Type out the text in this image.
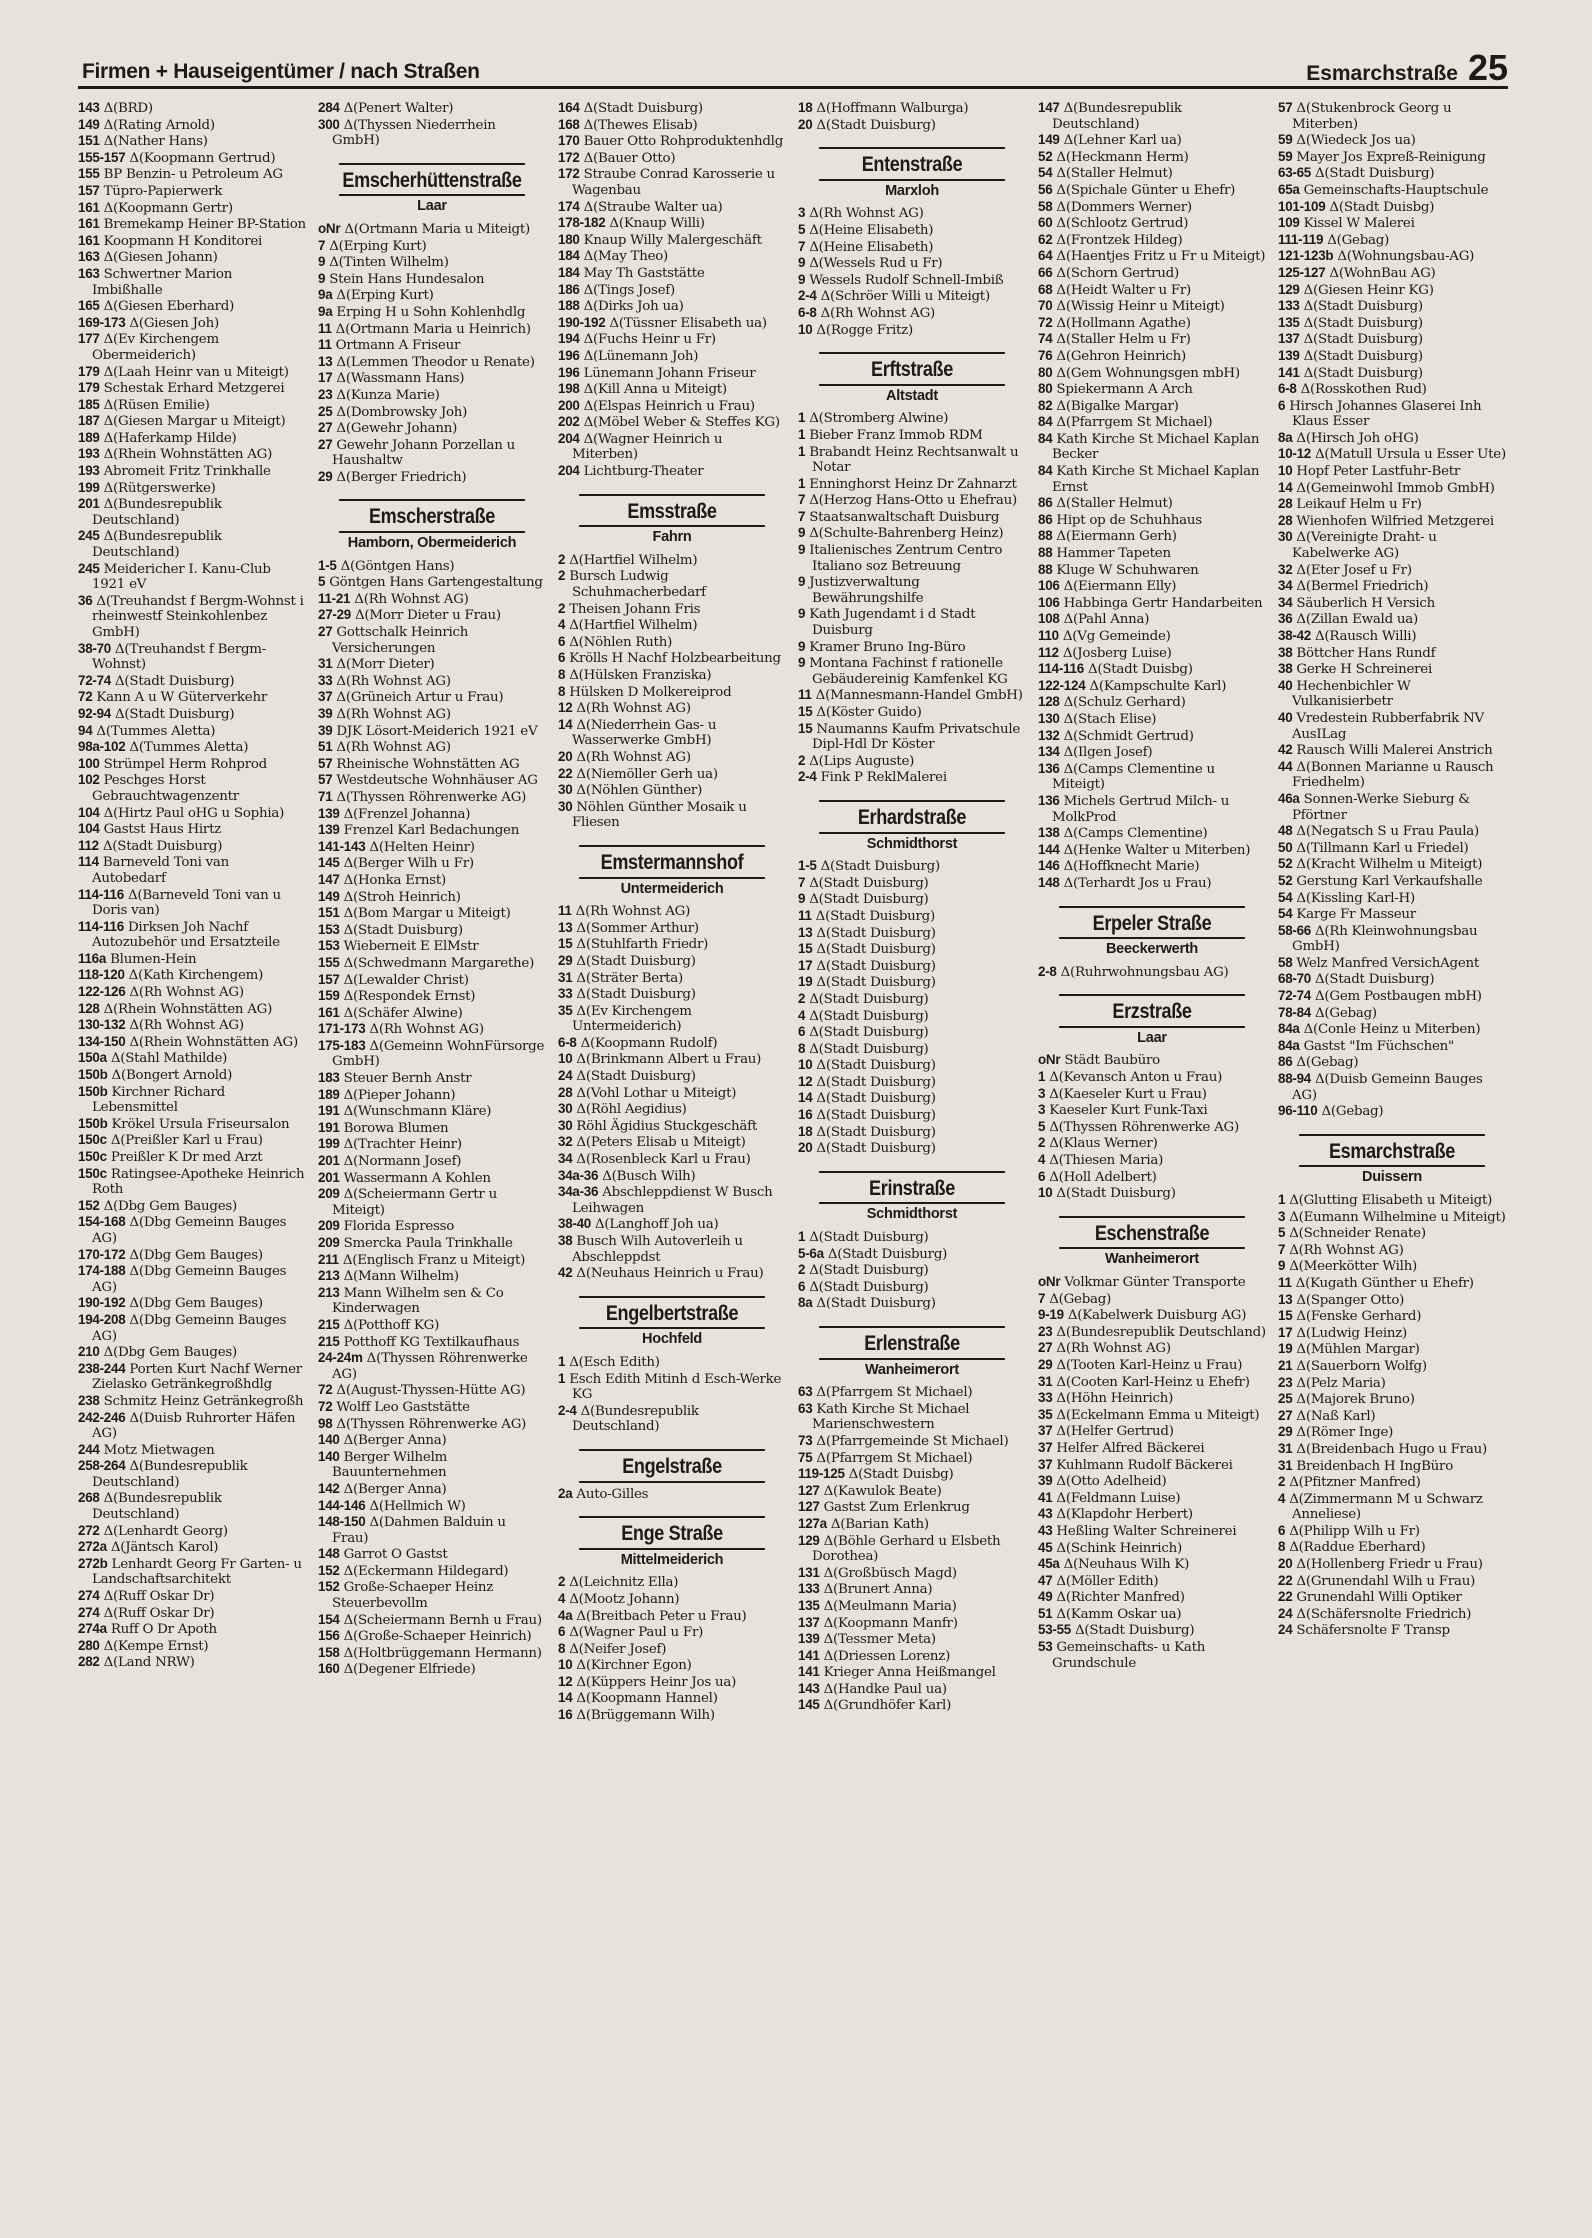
Firmen + Hauseigentümer / nach Straßen	Esmarchstraße 25

143 Δ(BRD)

149 Δ(Rating Arnold)

151 Δ(Nather Hans)

155-157 Δ(Koopmann Gertrud)

155 BP Benzin- u Petroleum AG

157 Tüpro-Papierwerk

161 Δ(Koopmann Gertr)

161 Bremekamp Heiner BP-Station

161 Koopmann H Konditorei

163 Δ(Giesen Johann)

163 Schwertner Marion Imbißhalle

165 Δ(Giesen Eberhard)

169-173 Δ(Giesen Joh)

177 Δ(Ev Kirchengem Obermeiderich)

179 Δ(Laah Heinr van u Miteigt)

179 Schestak Erhard Metzgerei

185 Δ(Rüsen Emilie)

187 Δ(Giesen Margar u Miteigt)

189 Δ(Haferkamp Hilde)

193 Δ(Rhein Wohnstätten AG)

193 Abromeit Fritz Trinkhalle

199 Δ(Rütgerswerke)

201 Δ(Bundesrepublik Deutschland)

245 Δ(Bundesrepublik Deutschland)

245 Meidericher I. Kanu-Club 1921 eV

36 Δ(Treuhandst f Bergm-Wohnst i rheinwestf Steinkohlenbez GmbH)

38-70 Δ(Treuhandst f Bergm-Wohnst)

72-74 Δ(Stadt Duisburg)

72 Kann A u W Güterverkehr

92-94 Δ(Stadt Duisburg)

94 Δ(Tummes Aletta)

98a-102 Δ(Tummes Aletta)

100 Strümpel Herm Rohprod

102 Peschges Horst Gebrauchtwagenzentr

104 Δ(Hirtz Paul oHG u Sophia)

104 Gastst Haus Hirtz

112 Δ(Stadt Duisburg)

114 Barneveld Toni van Autobedarf

114-116 Δ(Barneveld Toni van u Doris van)

114-116 Dirksen Joh Nachf Autozubehör und Ersatzteile

116a Blumen-Hein

118-120 Δ(Kath Kirchengem)

122-126 Δ(Rh Wohnst AG)

128 Δ(Rhein Wohnstätten AG)

130-132 Δ(Rh Wohnst AG)

134-150 Δ(Rhein Wohnstätten AG)

150a Δ(Stahl Mathilde)

150b Δ(Bongert Arnold)

150b Kirchner Richard Lebensmittel

150b Krökel Ursula Friseursalon

150c Δ(Preißler Karl u Frau)

150c Preißler K Dr med Arzt

150c Ratingsee-Apotheke Heinrich Roth

152 Δ(Dbg Gem Bauges)

154-168 Δ(Dbg Gemeinn Bauges AG)

170-172 Δ(Dbg Gem Bauges)

174-188 Δ(Dbg Gemeinn Bauges AG)

190-192 Δ(Dbg Gem Bauges)

194-208 Δ(Dbg Gemeinn Bauges AG)

210 Δ(Dbg Gem Bauges)

238-244 Porten Kurt Nachf Werner Zielasko Getränkegroßhdlg

238 Schmitz Heinz Getränkegroßh

242-246 Δ(Duisb Ruhrorter Häfen AG)

244 Motz Mietwagen

258-264 Δ(Bundesrepublik Deutschland)

268 Δ(Bundesrepublik Deutschland)

272 Δ(Lenhardt Georg)

272a Δ(Jäntsch Karol)

272b Lenhardt Georg Fr Garten- u Landschaftsarchitekt

274 Δ(Ruff Oskar Dr)

274 Δ(Ruff Oskar Dr)

274a Ruff O Dr Apoth

280 Δ(Kempe Ernst)

282 Δ(Land NRW)

284 Δ(Penert Walter)

300 Δ(Thyssen Niederrhein GmbH)

Emscherhüttenstraße
Laar

oNr Δ(Ortmann Maria u Miteigt)

7 Δ(Erping Kurt)

9 Δ(Tinten Wilhelm)

9 Stein Hans Hundesalon

9a Δ(Erping Kurt)

9a Erping H u Sohn Kohlenhdlg

11 Δ(Ortmann Maria u Heinrich)

11 Ortmann A Friseur

13 Δ(Lemmen Theodor u Renate)

17 Δ(Wassmann Hans)

23 Δ(Kunza Marie)

25 Δ(Dombrowsky Joh)

27 Δ(Gewehr Johann)

27 Gewehr Johann Porzellan u Haushaltw

29 Δ(Berger Friedrich)

Emscherstraße
Hamborn, Obermeiderich

1-5 Δ(Göntgen Hans)

5 Göntgen Hans Gartengestaltung

11-21 Δ(Rh Wohnst AG)

27-29 Δ(Morr Dieter u Frau)

27 Gottschalk Heinrich Versicherungen

31 Δ(Morr Dieter)

33 Δ(Rh Wohnst AG)

37 Δ(Grüneich Artur u Frau)

39 Δ(Rh Wohnst AG)

39 DJK Lösort-Meiderich 1921 eV

51 Δ(Rh Wohnst AG)

57 Rheinische Wohnstätten AG

57 Westdeutsche Wohnhäuser AG

71 Δ(Thyssen Röhrenwerke AG)

139 Δ(Frenzel Johanna)

139 Frenzel Karl Bedachungen

141-143 Δ(Helten Heinr)

145 Δ(Berger Wilh u Fr)

147 Δ(Honka Ernst)

149 Δ(Stroh Heinrich)

151 Δ(Bom Margar u Miteigt)

153 Δ(Stadt Duisburg)

153 Wieberneit E ElMstr

155 Δ(Schwedmann Margarethe)

157 Δ(Lewalder Christ)

159 Δ(Respondek Ernst)

161 Δ(Schäfer Alwine)

171-173 Δ(Rh Wohnst AG)

175-183 Δ(Gemeinn WohnFürsorge GmbH)

183 Steuer Bernh Anstr

189 Δ(Pieper Johann)

191 Δ(Wunschmann Kläre)

191 Borowa Blumen

199 Δ(Trachter Heinr)

201 Δ(Normann Josef)

201 Wassermann A Kohlen

209 Δ(Scheiermann Gertr u Miteigt)

209 Florida Espresso

209 Smercka Paula Trinkhalle

211 Δ(Englisch Franz u Miteigt)

213 Δ(Mann Wilhelm)

213 Mann Wilhelm sen & Co Kinderwagen

215 Δ(Potthoff KG)

215 Potthoff KG Textilkaufhaus

24-24m Δ(Thyssen Röhrenwerke AG)

72 Δ(August-Thyssen-Hütte AG)

72 Wolff Leo Gaststätte

98 Δ(Thyssen Röhrenwerke AG)

140 Δ(Berger Anna)

140 Berger Wilhelm Bauunternehmen

142 Δ(Berger Anna)

144-146 Δ(Hellmich W)

148-150 Δ(Dahmen Balduin u Frau)

148 Garrot O Gastst

152 Δ(Eckermann Hildegard)

152 Große-Schaeper Heinz Steuerbevollm

154 Δ(Scheiermann Bernh u Frau)

156 Δ(Große-Schaeper Heinrich)

158 Δ(Holtbrüggemann Hermann)

160 Δ(Degener Elfriede)

164 Δ(Stadt Duisburg)

168 Δ(Thewes Elisab)

170 Bauer Otto Rohproduktenhdlg

172 Δ(Bauer Otto)

172 Straube Conrad Karosserie u Wagenbau

174 Δ(Straube Walter ua)

178-182 Δ(Knaup Willi)

180 Knaup Willy Malergeschäft

184 Δ(May Theo)

184 May Th Gaststätte

186 Δ(Tings Josef)

188 Δ(Dirks Joh ua)

190-192 Δ(Tüssner Elisabeth ua)

194 Δ(Fuchs Heinr u Fr)

196 Δ(Lünemann Joh)

196 Lünemann Johann Friseur

198 Δ(Kill Anna u Miteigt)

200 Δ(Elspas Heinrich u Frau)

202 Δ(Möbel Weber & Steffes KG)

204 Δ(Wagner Heinrich u Miterben)

204 Lichtburg-Theater

Emsstraße
Fahrn

2 Δ(Hartfiel Wilhelm)

2 Bursch Ludwig Schuhmacherbedarf

2 Theisen Johann Fris

4 Δ(Hartfiel Wilhelm)

6 Δ(Nöhlen Ruth)

6 Krölls H Nachf Holzbearbeitung

8 Δ(Hülsken Franziska)

8 Hülsken D Molkereiprod

12 Δ(Rh Wohnst AG)

14 Δ(Niederrhein Gas- u Wasserwerke GmbH)

20 Δ(Rh Wohnst AG)

22 Δ(Niemöller Gerh ua)

30 Δ(Nöhlen Günther)

30 Nöhlen Günther Mosaik u Fliesen

Emstermannshof
Untermeiderich

11 Δ(Rh Wohnst AG)

13 Δ(Sommer Arthur)

15 Δ(Stuhlfarth Friedr)

29 Δ(Stadt Duisburg)

31 Δ(Sträter Berta)

33 Δ(Stadt Duisburg)

35 Δ(Ev Kirchengem Untermeiderich)

6-8 Δ(Koopmann Rudolf)

10 Δ(Brinkmann Albert u Frau)

24 Δ(Stadt Duisburg)

28 Δ(Vohl Lothar u Miteigt)

30 Δ(Röhl Aegidius)

30 Röhl Ägidius Stuckgeschäft

32 Δ(Peters Elisab u Miteigt)

34 Δ(Rosenbleck Karl u Frau)

34a-36 Δ(Busch Wilh)

34a-36 Abschleppdienst W Busch Leihwagen

38-40 Δ(Langhoff Joh ua)

38 Busch Wilh Autoverleih u Abschleppdst

42 Δ(Neuhaus Heinrich u Frau)

Engelbertstraße
Hochfeld

1 Δ(Esch Edith)

1 Esch Edith Mitinh d Esch-Werke KG

2-4 Δ(Bundesrepublik Deutschland)

Engelstraße

2a Auto-Gilles

Enge Straße
Mittelmeiderich

2 Δ(Leichnitz Ella)

4 Δ(Mootz Johann)

4a Δ(Breitbach Peter u Frau)

6 Δ(Wagner Paul u Fr)

8 Δ(Neifer Josef)

10 Δ(Kirchner Egon)

12 Δ(Küppers Heinr Jos ua)

14 Δ(Koopmann Hannel)

16 Δ(Brüggemann Wilh)

18 Δ(Hoffmann Walburga)

20 Δ(Stadt Duisburg)

Entenstraße
Marxloh

3 Δ(Rh Wohnst AG)

5 Δ(Heine Elisabeth)

7 Δ(Heine Elisabeth)

9 Δ(Wessels Rud u Fr)

9 Wessels Rudolf Schnell-Imbiß

2-4 Δ(Schröer Willi u Miteigt)

6-8 Δ(Rh Wohnst AG)

10 Δ(Rogge Fritz)

Erftstraße
Altstadt

1 Δ(Stromberg Alwine)

1 Bieber Franz Immob RDM

1 Brabandt Heinz Rechtsanwalt u Notar

1 Enninghorst Heinz Dr Zahnarzt

7 Δ(Herzog Hans-Otto u Ehefrau)

7 Staatsanwaltschaft Duisburg

9 Δ(Schulte-Bahrenberg Heinz)

9 Italienisches Zentrum Centro Italiano soz Betreuung

9 Justizverwaltung Bewährungshilfe

9 Kath Jugendamt i d Stadt Duisburg

9 Kramer Bruno Ing-Büro

9 Montana Fachinst f rationelle Gebäudereinig Kamfenkel KG

11 Δ(Mannesmann-Handel GmbH)

15 Δ(Köster Guido)

15 Naumanns Kaufm Privatschule Dipl-Hdl Dr Köster

2 Δ(Lips Auguste)

2-4 Fink P ReklMalerei

Erhardstraße
Schmidthorst

1-5 Δ(Stadt Duisburg)

7 Δ(Stadt Duisburg)

9 Δ(Stadt Duisburg)

11 Δ(Stadt Duisburg)

13 Δ(Stadt Duisburg)

15 Δ(Stadt Duisburg)

17 Δ(Stadt Duisburg)

19 Δ(Stadt Duisburg)

2 Δ(Stadt Duisburg)

4 Δ(Stadt Duisburg)

6 Δ(Stadt Duisburg)

8 Δ(Stadt Duisburg)

10 Δ(Stadt Duisburg)

12 Δ(Stadt Duisburg)

14 Δ(Stadt Duisburg)

16 Δ(Stadt Duisburg)

18 Δ(Stadt Duisburg)

20 Δ(Stadt Duisburg)

Erinstraße
Schmidthorst

1 Δ(Stadt Duisburg)

5-6a Δ(Stadt Duisburg)

2 Δ(Stadt Duisburg)

6 Δ(Stadt Duisburg)

8a Δ(Stadt Duisburg)

Erlenstraße
Wanheimerort

63 Δ(Pfarrgem St Michael)

63 Kath Kirche St Michael Marienschwestern

73 Δ(Pfarrgemeinde St Michael)

75 Δ(Pfarrgem St Michael)

119-125 Δ(Stadt Duisbg)

127 Δ(Kawulok Beate)

127 Gastst Zum Erlenkrug

127a Δ(Barian Kath)

129 Δ(Böhle Gerhard u Elsbeth Dorothea)

131 Δ(Großbüsch Magd)

133 Δ(Brunert Anna)

135 Δ(Meulmann Maria)

137 Δ(Koopmann Manfr)

139 Δ(Tessmer Meta)

141 Δ(Driessen Lorenz)

141 Krieger Anna Heißmangel

143 Δ(Handke Paul ua)

145 Δ(Grundhöfer Karl)

147 Δ(Bundesrepublik Deutschland)

149 Δ(Lehner Karl ua)

52 Δ(Heckmann Herm)

54 Δ(Staller Helmut)

56 Δ(Spichale Günter u Ehefr)

58 Δ(Dommers Werner)

60 Δ(Schlootz Gertrud)

62 Δ(Frontzek Hildeg)

64 Δ(Haentjes Fritz u Fr u Miteigt)

66 Δ(Schorn Gertrud)

68 Δ(Heidt Walter u Fr)

70 Δ(Wissig Heinr u Miteigt)

72 Δ(Hollmann Agathe)

74 Δ(Staller Helm u Fr)

76 Δ(Gehron Heinrich)

80 Δ(Gem Wohnungsgen mbH)

80 Spiekermann A Arch

82 Δ(Bigalke Margar)

84 Δ(Pfarrgem St Michael)

84 Kath Kirche St Michael Kaplan Becker

84 Kath Kirche St Michael Kaplan Ernst

86 Δ(Staller Helmut)

86 Hipt op de Schuhhaus

88 Δ(Eiermann Gerh)

88 Hammer Tapeten

88 Kluge W Schuhwaren

106 Δ(Eiermann Elly)

106 Habbinga Gertr Handarbeiten

108 Δ(Pahl Anna)

110 Δ(Vg Gemeinde)

112 Δ(Josberg Luise)

114-116 Δ(Stadt Duisbg)

122-124 Δ(Kampschulte Karl)

128 Δ(Schulz Gerhard)

130 Δ(Stach Elise)

132 Δ(Schmidt Gertrud)

134 Δ(Ilgen Josef)

136 Δ(Camps Clementine u Miteigt)

136 Michels Gertrud Milch- u MolkProd

138 Δ(Camps Clementine)

144 Δ(Henke Walter u Miterben)

146 Δ(Hoffknecht Marie)

148 Δ(Terhardt Jos u Frau)

Erpeler Straße
Beeckerwerth

2-8 Δ(Ruhrwohnungsbau AG)

Erzstraße
Laar

oNr Städt Baubüro

1 Δ(Kevansch Anton u Frau)

3 Δ(Kaeseler Kurt u Frau)

3 Kaeseler Kurt Funk-Taxi

5 Δ(Thyssen Röhrenwerke AG)

2 Δ(Klaus Werner)

4 Δ(Thiesen Maria)

6 Δ(Holl Adelbert)

10 Δ(Stadt Duisburg)

Eschenstraße
Wanheimerort

oNr Volkmar Günter Transporte

7 Δ(Gebag)

9-19 Δ(Kabelwerk Duisburg AG)

23 Δ(Bundesrepublik Deutschland)

27 Δ(Rh Wohnst AG)

29 Δ(Tooten Karl-Heinz u Frau)

31 Δ(Cooten Karl-Heinz u Ehefr)

33 Δ(Höhn Heinrich)

35 Δ(Eckelmann Emma u Miteigt)

37 Δ(Helfer Gertrud)

37 Helfer Alfred Bäckerei

37 Kuhlmann Rudolf Bäckerei

39 Δ(Otto Adelheid)

41 Δ(Feldmann Luise)

43 Δ(Klapdohr Herbert)

43 Heßling Walter Schreinerei

45 Δ(Schink Heinrich)

45a Δ(Neuhaus Wilh K)

47 Δ(Möller Edith)

49 Δ(Richter Manfred)

51 Δ(Kamm Oskar ua)

53-55 Δ(Stadt Duisburg)

53 Gemeinschafts- u Kath Grundschule

57 Δ(Stukenbrock Georg u Miterben)

59 Δ(Wiedeck Jos ua)

59 Mayer Jos Expreß-Reinigung

63-65 Δ(Stadt Duisburg)

65a Gemeinschafts-Hauptschule

101-109 Δ(Stadt Duisbg)

109 Kissel W Malerei

111-119 Δ(Gebag)

121-123b Δ(Wohnungsbau-AG)

125-127 Δ(WohnBau AG)

129 Δ(Giesen Heinr KG)

133 Δ(Stadt Duisburg)

135 Δ(Stadt Duisburg)

137 Δ(Stadt Duisburg)

139 Δ(Stadt Duisburg)

141 Δ(Stadt Duisburg)

6-8 Δ(Rosskothen Rud)

6 Hirsch Johannes Glaserei Inh Klaus Esser

8a Δ(Hirsch Joh oHG)

10-12 Δ(Matull Ursula u Esser Ute)

10 Hopf Peter Lastfuhr-Betr

14 Δ(Gemeinwohl Immob GmbH)

28 Leikauf Helm u Fr)

28 Wienhofen Wilfried Metzgerei

30 Δ(Vereinigte Draht- u Kabelwerke AG)

32 Δ(Eter Josef u Fr)

34 Δ(Bermel Friedrich)

34 Säuberlich H Versich

36 Δ(Zillan Ewald ua)

38-42 Δ(Rausch Willi)

38 Böttcher Hans Rundf

38 Gerke H Schreinerei

40 Hechenbichler W Vulkanisierbetr

40 Vredestein Rubberfabrik NV AusILag

42 Rausch Willi Malerei Anstrich

44 Δ(Bonnen Marianne u Rausch Friedhelm)

46a Sonnen-Werke Sieburg & Pförtner

48 Δ(Negatsch S u Frau Paula)

50 Δ(Tillmann Karl u Friedel)

52 Δ(Kracht Wilhelm u Miteigt)

52 Gerstung Karl Verkaufshalle

54 Δ(Kissling Karl-H)

54 Karge Fr Masseur

58-66 Δ(Rh Kleinwohnungsbau GmbH)

58 Welz Manfred VersichAgent

68-70 Δ(Stadt Duisburg)

72-74 Δ(Gem Postbaugen mbH)

78-84 Δ(Gebag)

84a Δ(Conle Heinz u Miterben)

84a Gastst "Im Füchschen"

86 Δ(Gebag)

88-94 Δ(Duisb Gemeinn Bauges AG)

96-110 Δ(Gebag)

Esmarchstraße
Duissern

1 Δ(Glutting Elisabeth u Miteigt)

3 Δ(Eumann Wilhelmine u Miteigt)

5 Δ(Schneider Renate)

7 Δ(Rh Wohnst AG)

9 Δ(Meerkötter Wilh)

11 Δ(Kugath Günther u Ehefr)

13 Δ(Spanger Otto)

15 Δ(Fenske Gerhard)

17 Δ(Ludwig Heinz)

19 Δ(Mühlen Margar)

21 Δ(Sauerborn Wolfg)

23 Δ(Pelz Maria)

25 Δ(Majorek Bruno)

27 Δ(Naß Karl)

29 Δ(Römer Inge)

31 Δ(Breidenbach Hugo u Frau)

31 Breidenbach H IngBüro

2 Δ(Pfitzner Manfred)

4 Δ(Zimmermann M u Schwarz Anneliese)

6 Δ(Philipp Wilh u Fr)

8 Δ(Raddue Eberhard)

20 Δ(Hollenberg Friedr u Frau)

22 Δ(Grunendahl Wilh u Frau)

22 Grunendahl Willi Optiker

24 Δ(Schäfersnolte Friedrich)

24 Schäfersnolte F Transp
